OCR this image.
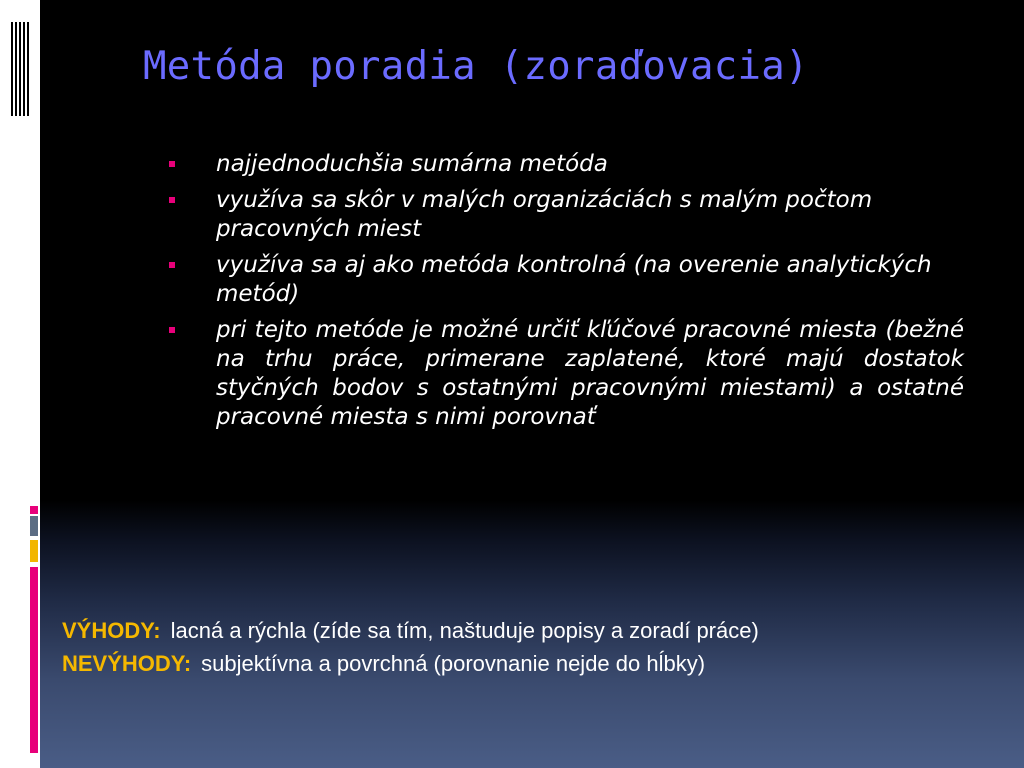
Metóda poradia (zoraďovacia)
najjednoduchšia sumárna metóda
využíva sa skôr v malých organizáciách s malým počtom pracovných miest
využíva sa aj ako metóda kontrolná (na overenie analytických metód)
pri tejto metóde je možné určiť kľúčové pracovné miesta (bežné na trhu práce, primerane zaplatené, ktoré majú dostatok styčných bodov s ostatnými pracovnými miestami) a ostatné pracovné miesta s nimi porovnať
VÝHODY: lacná a rýchla (zíde sa tím, naštuduje popisy a zoradí práce)
NEVÝHODY: subjektívna a povrchná (porovnanie nejde do hĺbky)
